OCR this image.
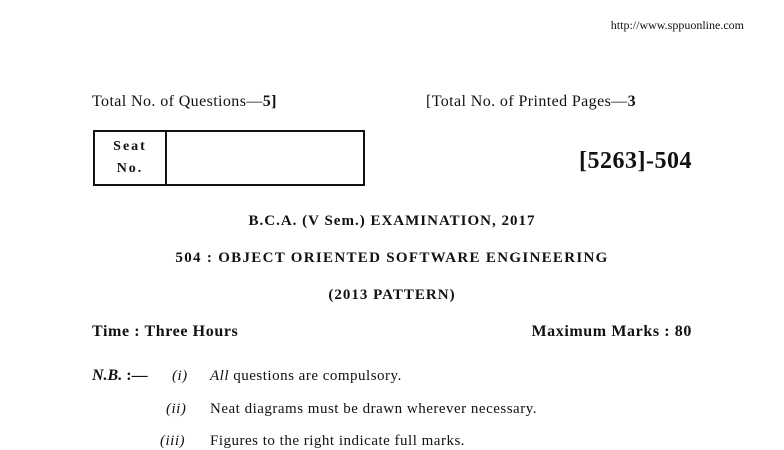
http://www.sppuonline.com
Total No. of Questions—5]	[Total No. of Printed Pages—3
Seat
No.	[5263]-504
B.C.A. (V Sem.) EXAMINATION, 2017
504 : OBJECT ORIENTED SOFTWARE ENGINEERING
(2013 PATTERN)
Time : Three Hours	Maximum Marks : 80
N.B. :— (i) All questions are compulsory.
(ii) Neat diagrams must be drawn wherever necessary.
(iii) Figures to the right indicate full marks.
